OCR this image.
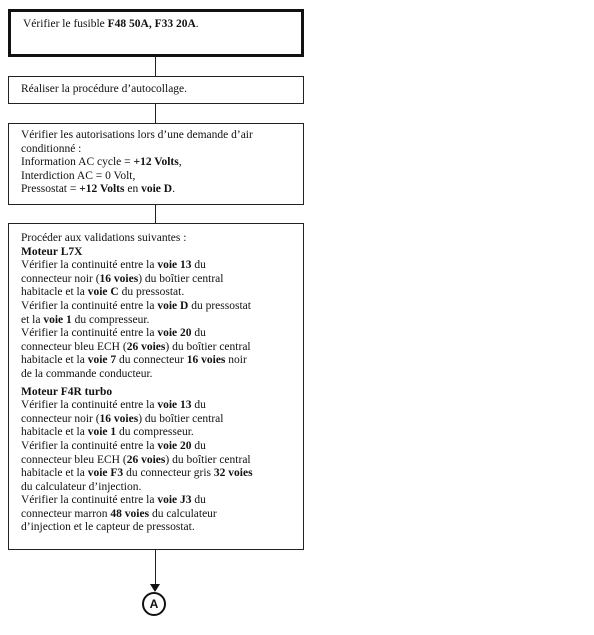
Vérifier le fusible F48 50A, F33 20A.
Réaliser la procédure d’autocollage.
Vérifier les autorisations lors d’une demande d’air
conditionné :
Information AC cycle = +12 Volts,
Interdiction AC = 0 Volt,
Pressostat = +12 Volts en voie D.
Procéder aux validations suivantes :
Moteur L7X
Vérifier la continuité entre la voie 13 du
connecteur noir (16 voies) du boîtier central
habitacle et la voie C du pressostat.
Vérifier la continuité entre la voie D du pressostat
et la voie 1 du compresseur.
Vérifier la continuité entre la voie 20 du
connecteur bleu ECH (26 voies) du boîtier central
habitacle et la voie 7 du connecteur 16 voies noir
de la commande conducteur.
Moteur F4R turbo
Vérifier la continuité entre la voie 13 du
connecteur noir (16 voies) du boîtier central
habitacle et la voie 1 du compresseur.
Vérifier la continuité entre la voie 20 du
connecteur bleu ECH (26 voies) du boîtier central
habitacle et la voie F3 du connecteur gris 32 voies
du calculateur d’injection.
Vérifier la continuité entre la voie J3 du
connecteur marron 48 voies du calculateur
d’injection et le capteur de pressostat.
A
